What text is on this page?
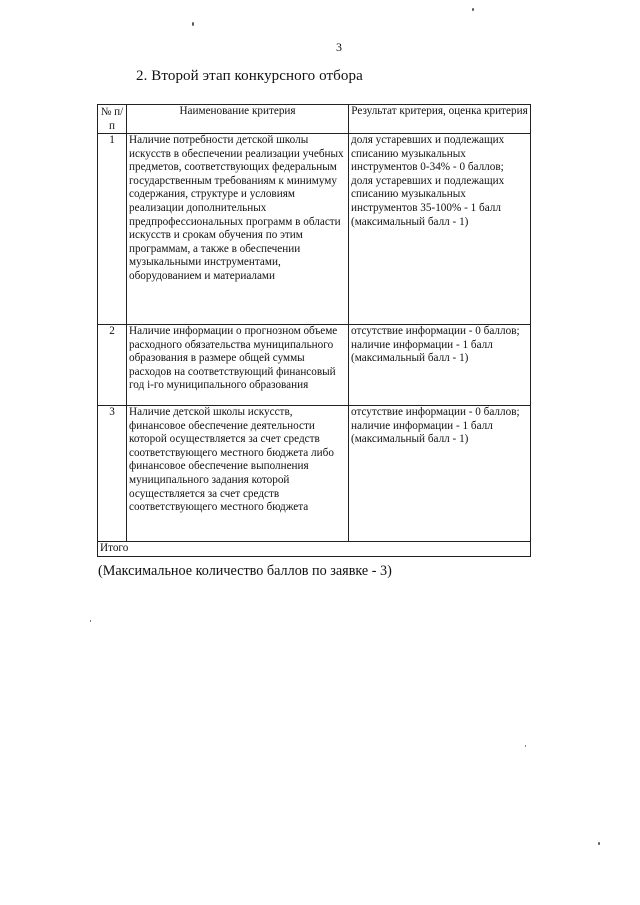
3
2. Второй этап конкурсного отбора
№ п/п	Наименование критерия	Результат критерия, оценка критерия
1	Наличие потребности детской школы искусств в обеспечении реализации учебных предметов, соответствующих федеральным государственным требованиям к минимуму содержания, структуре и условиям реализации дополнительных предпрофессиональных программ в области искусств и срокам обучения по этим программам, а также в обеспечении музыкальными инструментами, оборудованием и материалами	доля устаревших и подлежащих списанию музыкальных инструментов 0-34% - 0 баллов; доля устаревших и подлежащих списанию музыкальных инструментов 35-100% - 1 балл (максимальный балл - 1)
2	Наличие информации о прогнозном объеме расходного обязательства муниципального образования в размере общей суммы расходов на соответствующий финансовый год i-го муниципального образования	отсутствие информации - 0 баллов; наличие информации - 1 балл (максимальный балл - 1)
3	Наличие детской школы искусств, финансовое обеспечение деятельности которой осуществляется за счет средств соответствующего местного бюджета либо финансовое обеспечение выполнения муниципального задания которой осуществляется за счет средств соответствующего местного бюджета	отсутствие информации - 0 баллов; наличие информации - 1 балл (максимальный балл - 1)
Итого		
(Максимальное количество баллов по заявке - 3)
